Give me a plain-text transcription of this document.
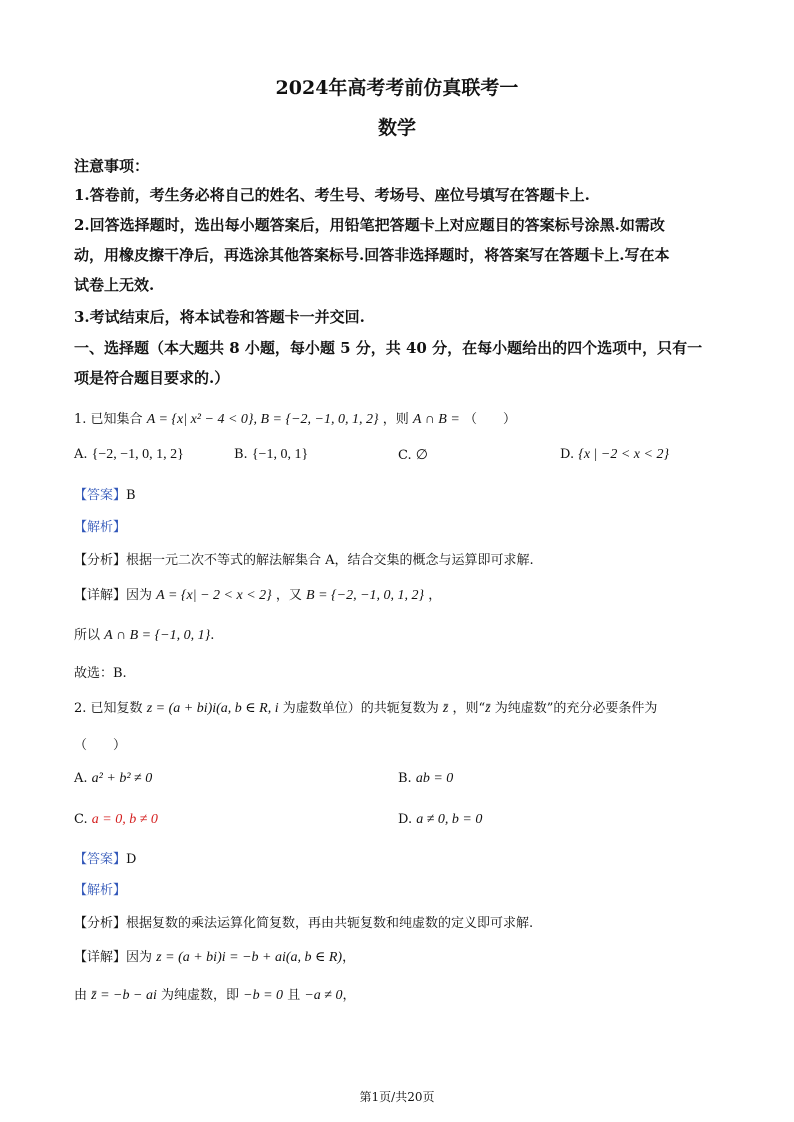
2024年高考考前仿真联考一
数学
注意事项：
1.答卷前，考生务必将自己的姓名、考生号、考场号、座位号填写在答题卡上.
2.回答选择题时，选出每小题答案后，用铅笔把答题卡上对应题目的答案标号涂黑.如需改
动，用橡皮擦干净后，再选涂其他答案标号.回答非选择题时，将答案写在答题卡上.写在本
试卷上无效.
3.考试结束后，将本试卷和答题卡一并交回.
一、选择题（本大题共 8 小题，每小题 5 分，共 40 分，在每小题给出的四个选项中，只有一
项是符合题目要求的.）
1. 已知集合 A = {x| x² − 4 < 0}, B = {−2, −1, 0, 1, 2} ，则 A ∩ B = （　　）
A. {−2, −1, 0, 1, 2}	B. {−1, 0, 1}	C. ∅	D. {x | −2 < x < 2}
【答案】B
【解析】
【分析】根据一元二次不等式的解法解集合 A，结合交集的概念与运算即可求解.
【详解】因为 A = {x| − 2 < x < 2} ，又 B = {−2, −1, 0, 1, 2} ，
所以 A ∩ B = {−1, 0, 1}.
故选：B.
2. 已知复数 z = (a + bi)i(a, b ∈ R, i 为虚数单位）的共轭复数为 z̄ ，则“z̄ 为纯虚数”的充分必要条件为
（　　）
A. a² + b² ≠ 0	B. ab = 0
C. a = 0, b ≠ 0	D. a ≠ 0, b = 0
【答案】D
【解析】
【分析】根据复数的乘法运算化简复数，再由共轭复数和纯虚数的定义即可求解.
【详解】因为 z = (a + bi)i = −b + ai(a, b ∈ R)，
由 z̄ = −b − ai 为纯虚数，即 −b = 0 且 −a ≠ 0，
第1页/共20页
